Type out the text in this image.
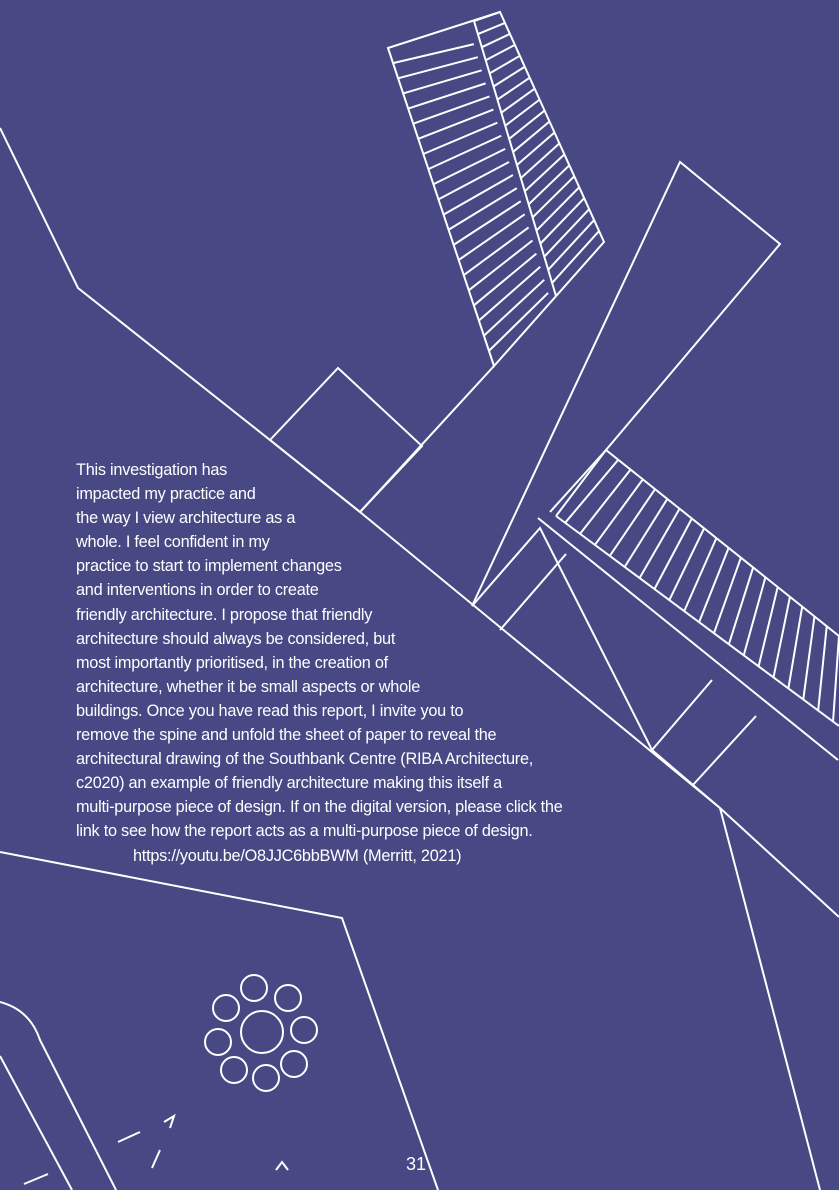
This investigation has
impacted my practice and
the way I view architecture as a
whole. I feel confident in my
practice to start to implement changes
and interventions in order to create
friendly architecture. I propose that friendly
architecture should always be considered, but
most importantly prioritised, in the creation of
architecture, whether it be small aspects or whole
buildings. Once you have read this report, I invite you to
remove the spine and unfold the sheet of paper to reveal the
architectural drawing of the Southbank Centre (RIBA Architecture,
c2020) an example of friendly architecture making this itself a
multi-purpose piece of design. If on the digital version, please click the
link to see how the report acts as a multi-purpose piece of design.
https://youtu.be/O8JJC6bbBWM (Merritt, 2021)
31
